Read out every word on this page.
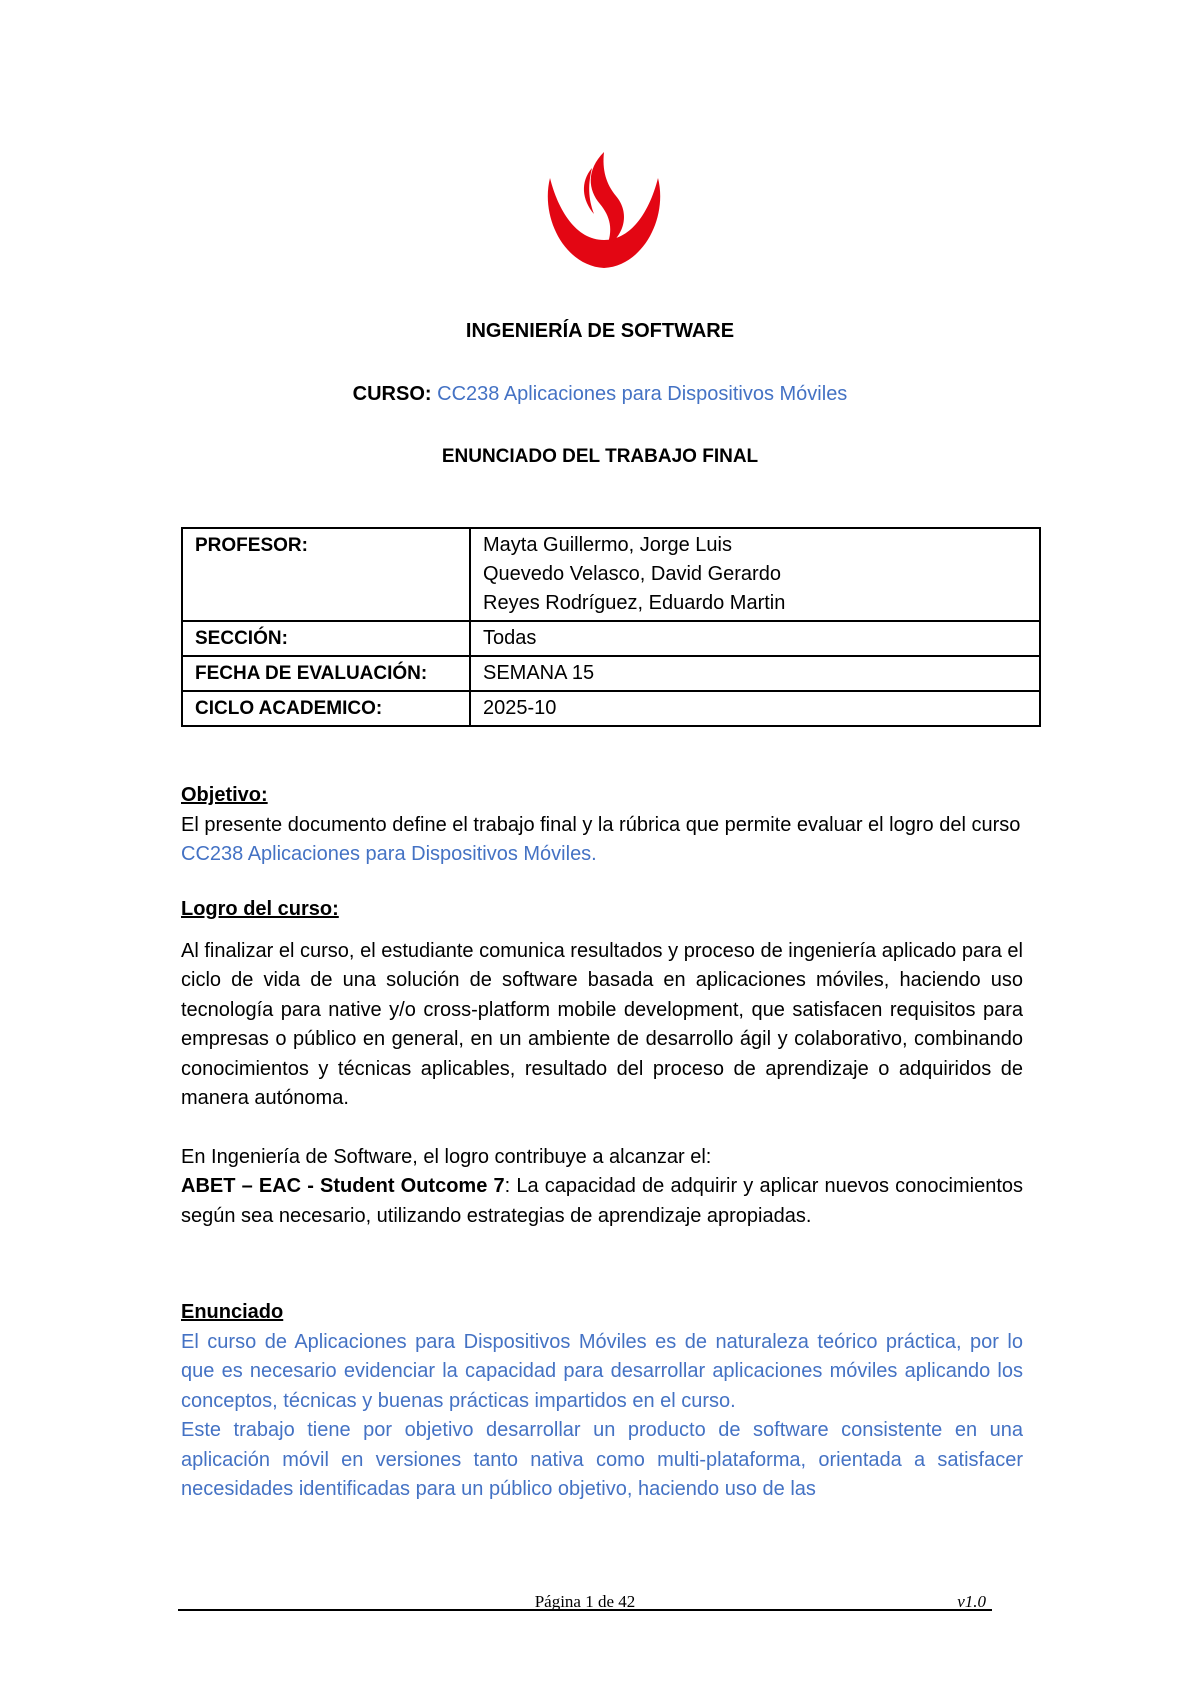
INGENIERÍA DE SOFTWARE
CURSO: CC238 Aplicaciones para Dispositivos Móviles
ENUNCIADO DEL TRABAJO FINAL
PROFESOR:	Mayta Guillermo, Jorge Luis
Quevedo Velasco, David Gerardo
Reyes Rodríguez, Eduardo Martin

SECCIÓN:	Todas
FECHA DE EVALUACIÓN:	SEMANA 15
CICLO ACADEMICO:	2025-10
Objetivo:
El presente documento define el trabajo final y la rúbrica que permite evaluar el logro del curso CC238 Aplicaciones para Dispositivos Móviles.
Logro del curso:
Al finalizar el curso, el estudiante comunica resultados y proceso de ingeniería aplicado para el ciclo de vida de una solución de software basada en aplicaciones móviles, haciendo uso tecnología para native y/o cross-platform mobile development, que satisfacen requisitos para empresas o público en general, en un ambiente de desarrollo ágil y colaborativo, combinando conocimientos y técnicas aplicables, resultado del proceso de aprendizaje o adquiridos de manera autónoma.
En Ingeniería de Software, el logro contribuye a alcanzar el:
ABET – EAC - Student Outcome 7: La capacidad de adquirir y aplicar nuevos conocimientos según sea necesario, utilizando estrategias de aprendizaje apropiadas.
Enunciado
El curso de Aplicaciones para Dispositivos Móviles es de naturaleza teórico práctica, por lo que es necesario evidenciar la capacidad para desarrollar aplicaciones móviles aplicando los conceptos, técnicas y buenas prácticas impartidos en el curso.
Este trabajo tiene por objetivo desarrollar un producto de software consistente en una aplicación móvil en versiones tanto nativa como multi-plataforma, orientada a satisfacer necesidades identificadas para un público objetivo, haciendo uso de las
Página 1 de 42	v1.0
